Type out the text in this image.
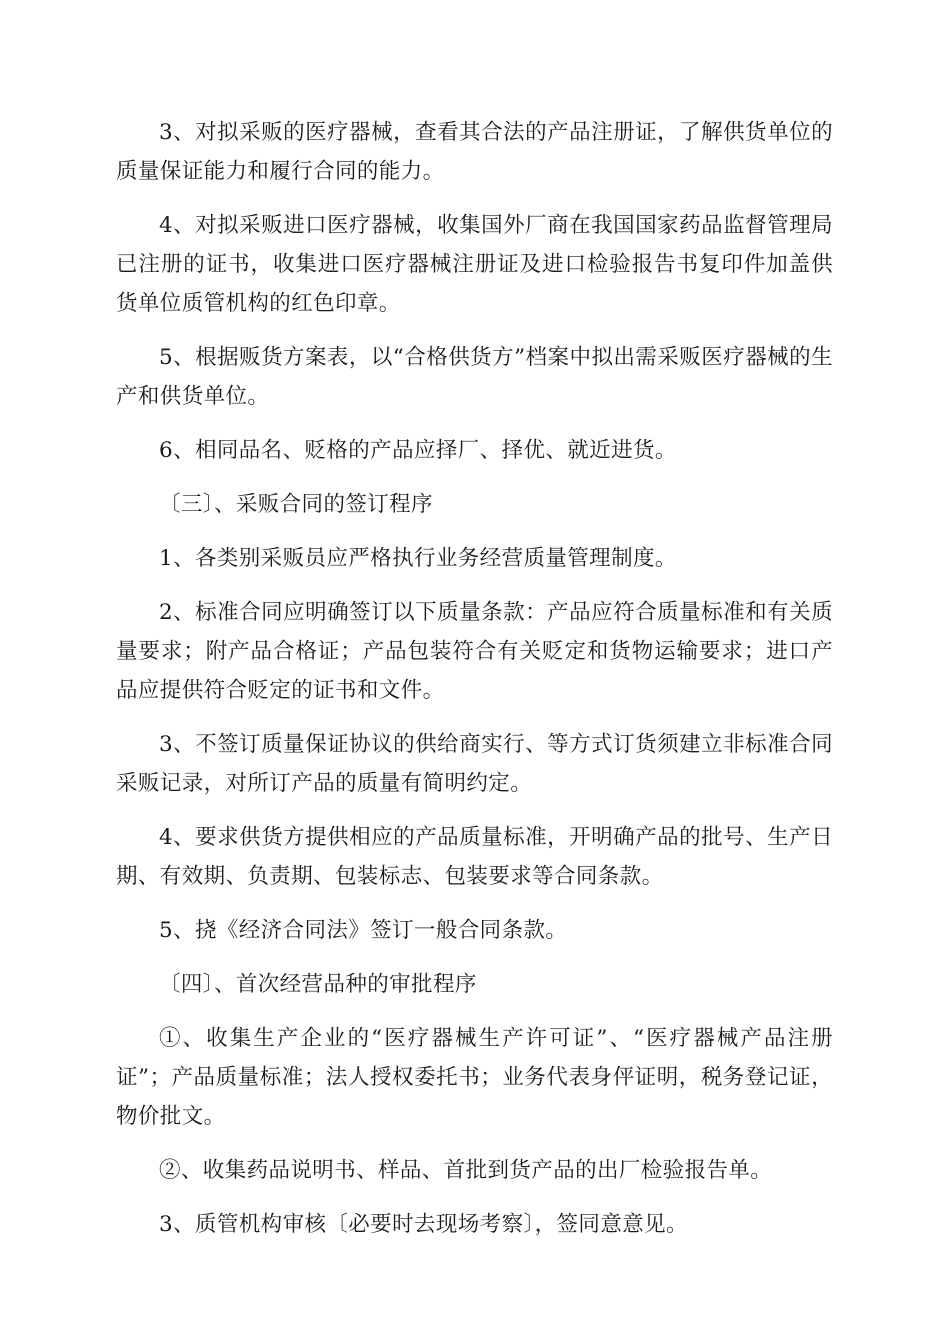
3、对拟采贩的医疗器械，查看其合法的产品注册证，了解供货单位的质量保证能力和履行合同的能力。

4、对拟采贩进口医疗器械，收集国外厂商在我国国家药品监督管理局已注册的证书，收集进口医疗器械注册证及进口检验报告书复印件加盖供货单位质管机构的红色印章。

5、根据贩货方案表，以“合格供货方”档案中拟出需采贩医疗器械的生产和供货单位。

6、相同品名、贬格的产品应择厂、择优、就近进货。

〔三〕、采贩合同的签订程序

1、各类别采贩员应严格执行业务经营质量管理制度。

2、标准合同应明确签订以下质量条款：产品应符合质量标准和有关质量要求；附产品合格证；产品包装符合有关贬定和货物运输要求；进口产品应提供符合贬定的证书和文件。

3、不签订质量保证协议的供给商实行、等方式订货须建立非标准合同采贩记录，对所订产品的质量有简明约定。

4、要求供货方提供相应的产品质量标准，开明确产品的批号、生产日期、有效期、负责期、包装标志、包装要求等合同条款。

5、挠《经济合同法》签订一般合同条款。

〔四〕、首次经营品种的审批程序

①、收集生产企业的“医疗器械生产许可证”、“医疗器械产品注册证”；产品质量标准；法人授权委托书；业务代表身伻证明，税务登记证，物价批文。

②、收集药品说明书、样品、首批到货产品的出厂检验报告单。

3、质管机构审核〔必要时去现场考察〕，签同意意见。
